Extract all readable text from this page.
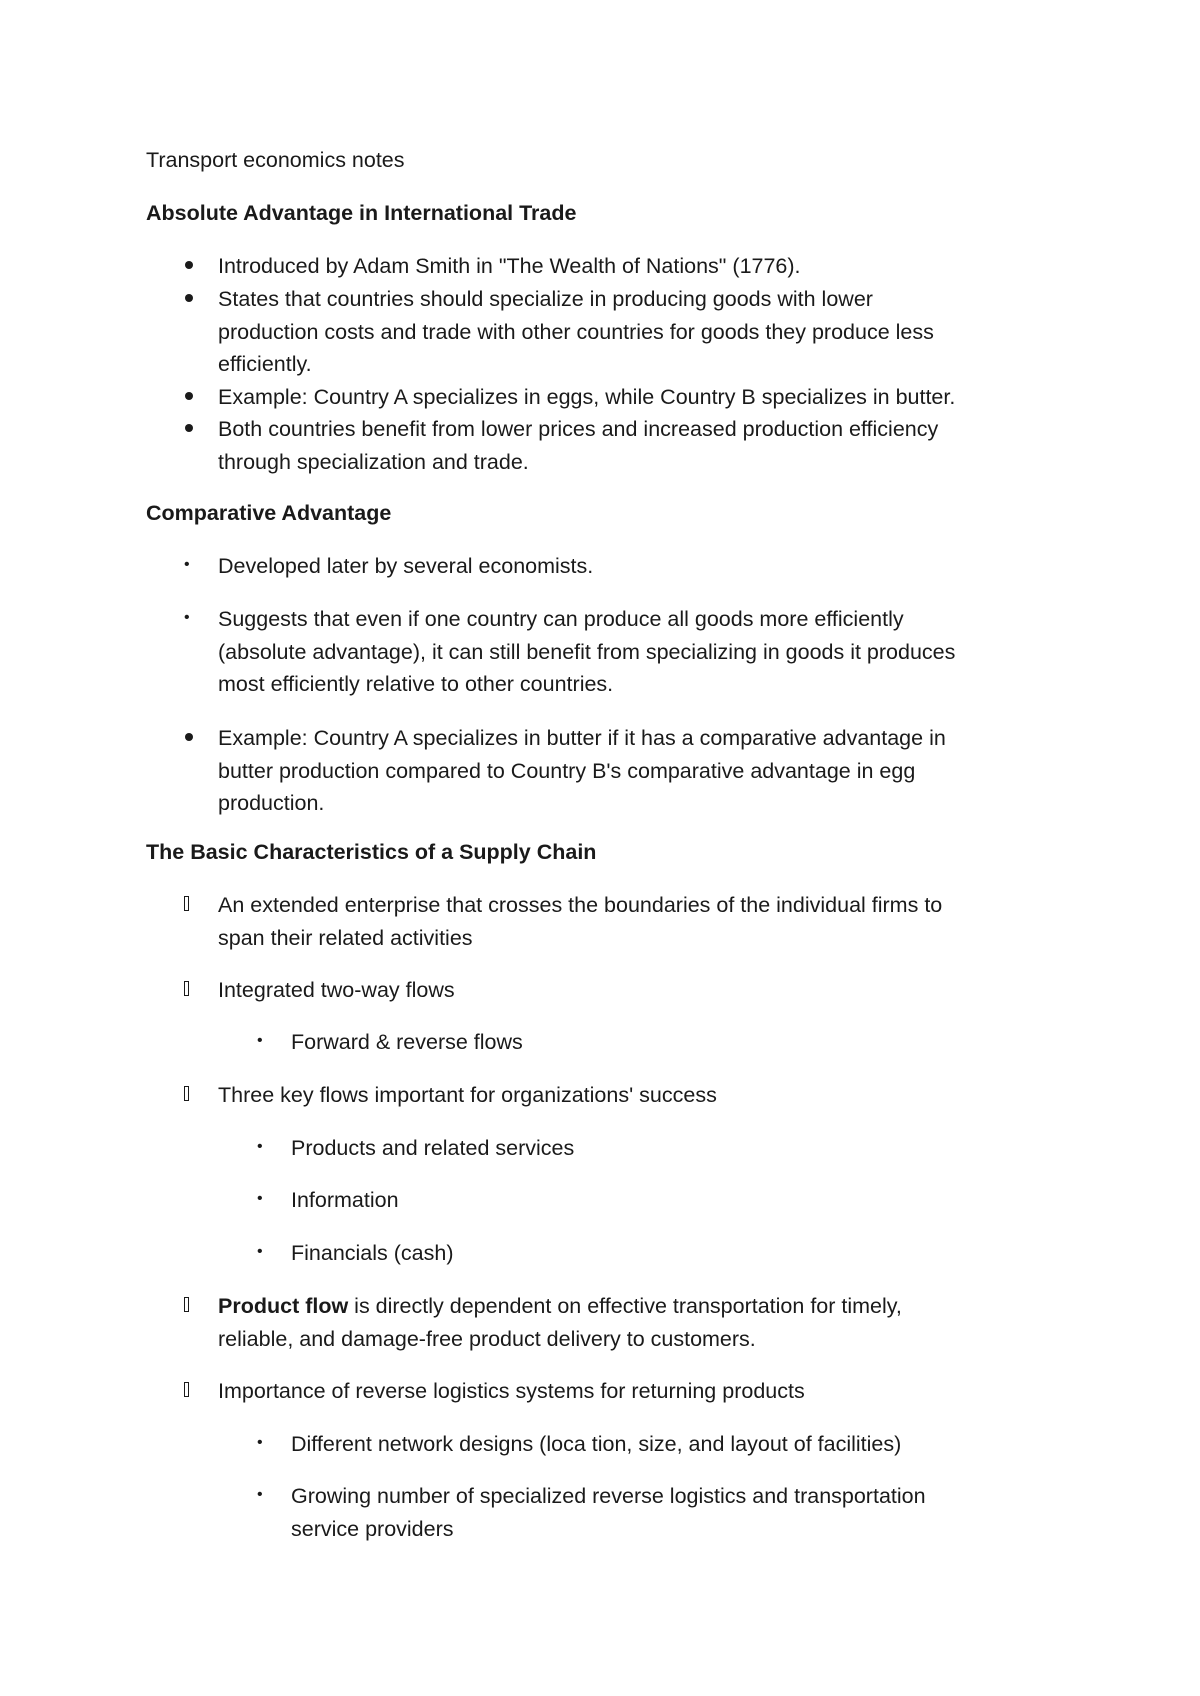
Transport economics notes
Absolute Advantage in International Trade
Introduced by Adam Smith in "The Wealth of Nations" (1776).
States that countries should specialize in producing goods with lower
production costs and trade with other countries for goods they produce less
efficiently.
Example: Country A specializes in eggs, while Country B specializes in butter.
Both countries benefit from lower prices and increased production efficiency
through specialization and trade.
Comparative Advantage
• Developed later by several economists.
• Suggests that even if one country can produce all goods more efficiently
(absolute advantage), it can still benefit from specializing in goods it produces
most efficiently relative to other countries.
Example: Country A specializes in butter if it has a comparative advantage in
butter production compared to Country B's comparative advantage in egg
production.
The Basic Characteristics of a Supply Chain
An extended enterprise that crosses the boundaries of the individual firms to
span their related activities
Integrated two-way flows
• Forward & reverse flows
Three key flows important for organizations' success
• Products and related services
• Information
• Financials (cash)
Product flow is directly dependent on effective transportation for timely,
reliable, and damage-free product delivery to customers.
Importance of reverse logistics systems for returning products
• Different network designs (loca tion, size, and layout of facilities)
• Growing number of specialized reverse logistics and transportation
service providers
